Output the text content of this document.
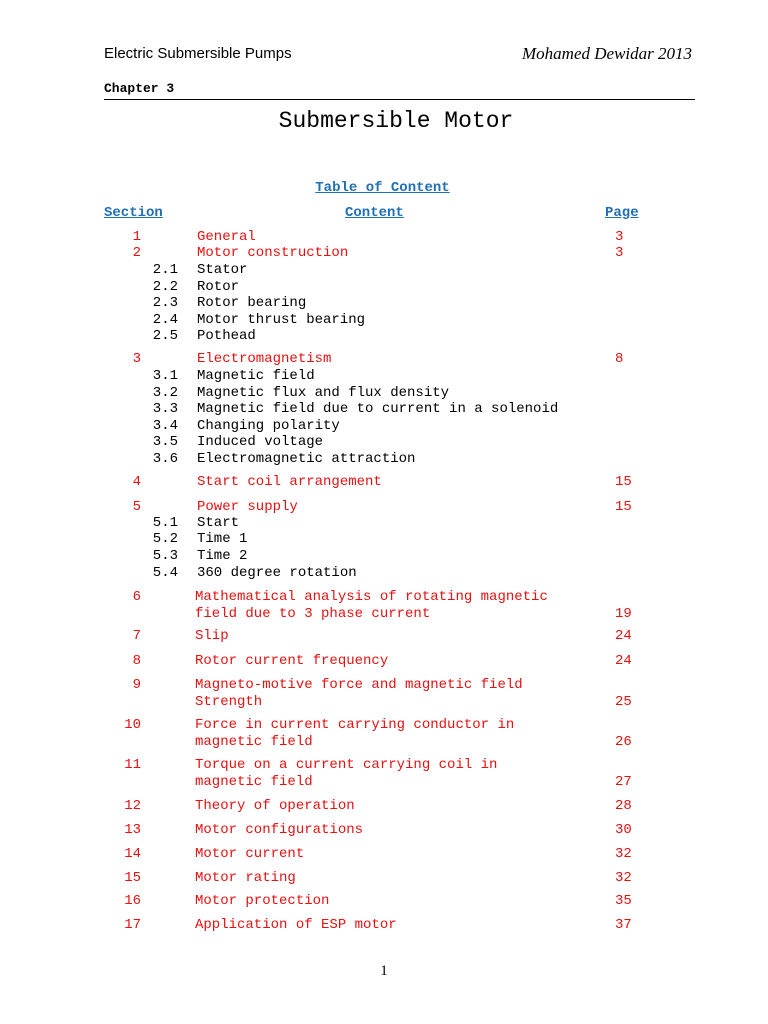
Electric Submersible Pumps	Mohamed Dewidar 2013
Chapter 3
Submersible Motor
Table of Content
Section	Content	Page
1	General	3
2	Motor construction	3
2.1 Stator
2.2 Rotor
2.3 Rotor bearing
2.4 Motor thrust bearing
2.5 Pothead
3	Electromagnetism	8
3.1 Magnetic field
3.2 Magnetic flux and flux density
3.3 Magnetic field due to current in a solenoid
3.4 Changing polarity
3.5 Induced voltage
3.6 Electromagnetic attraction
4	Start coil arrangement	15
5	Power supply	15
5.1 Start
5.2 Time 1
5.3 Time 2
5.4 360 degree rotation
6	Mathematical analysis of rotating magnetic
field due to 3 phase current	19
7	Slip	24
8	Rotor current frequency	24
9	Magneto-motive force and magnetic field
Strength	25
10	Force in current carrying conductor in
magnetic field	26
11	Torque on a current carrying coil in
magnetic field	27
12	Theory of operation	28
13	Motor configurations	30
14	Motor current	32
15	Motor rating	32
16	Motor protection	35
17	Application of ESP motor	37
1
